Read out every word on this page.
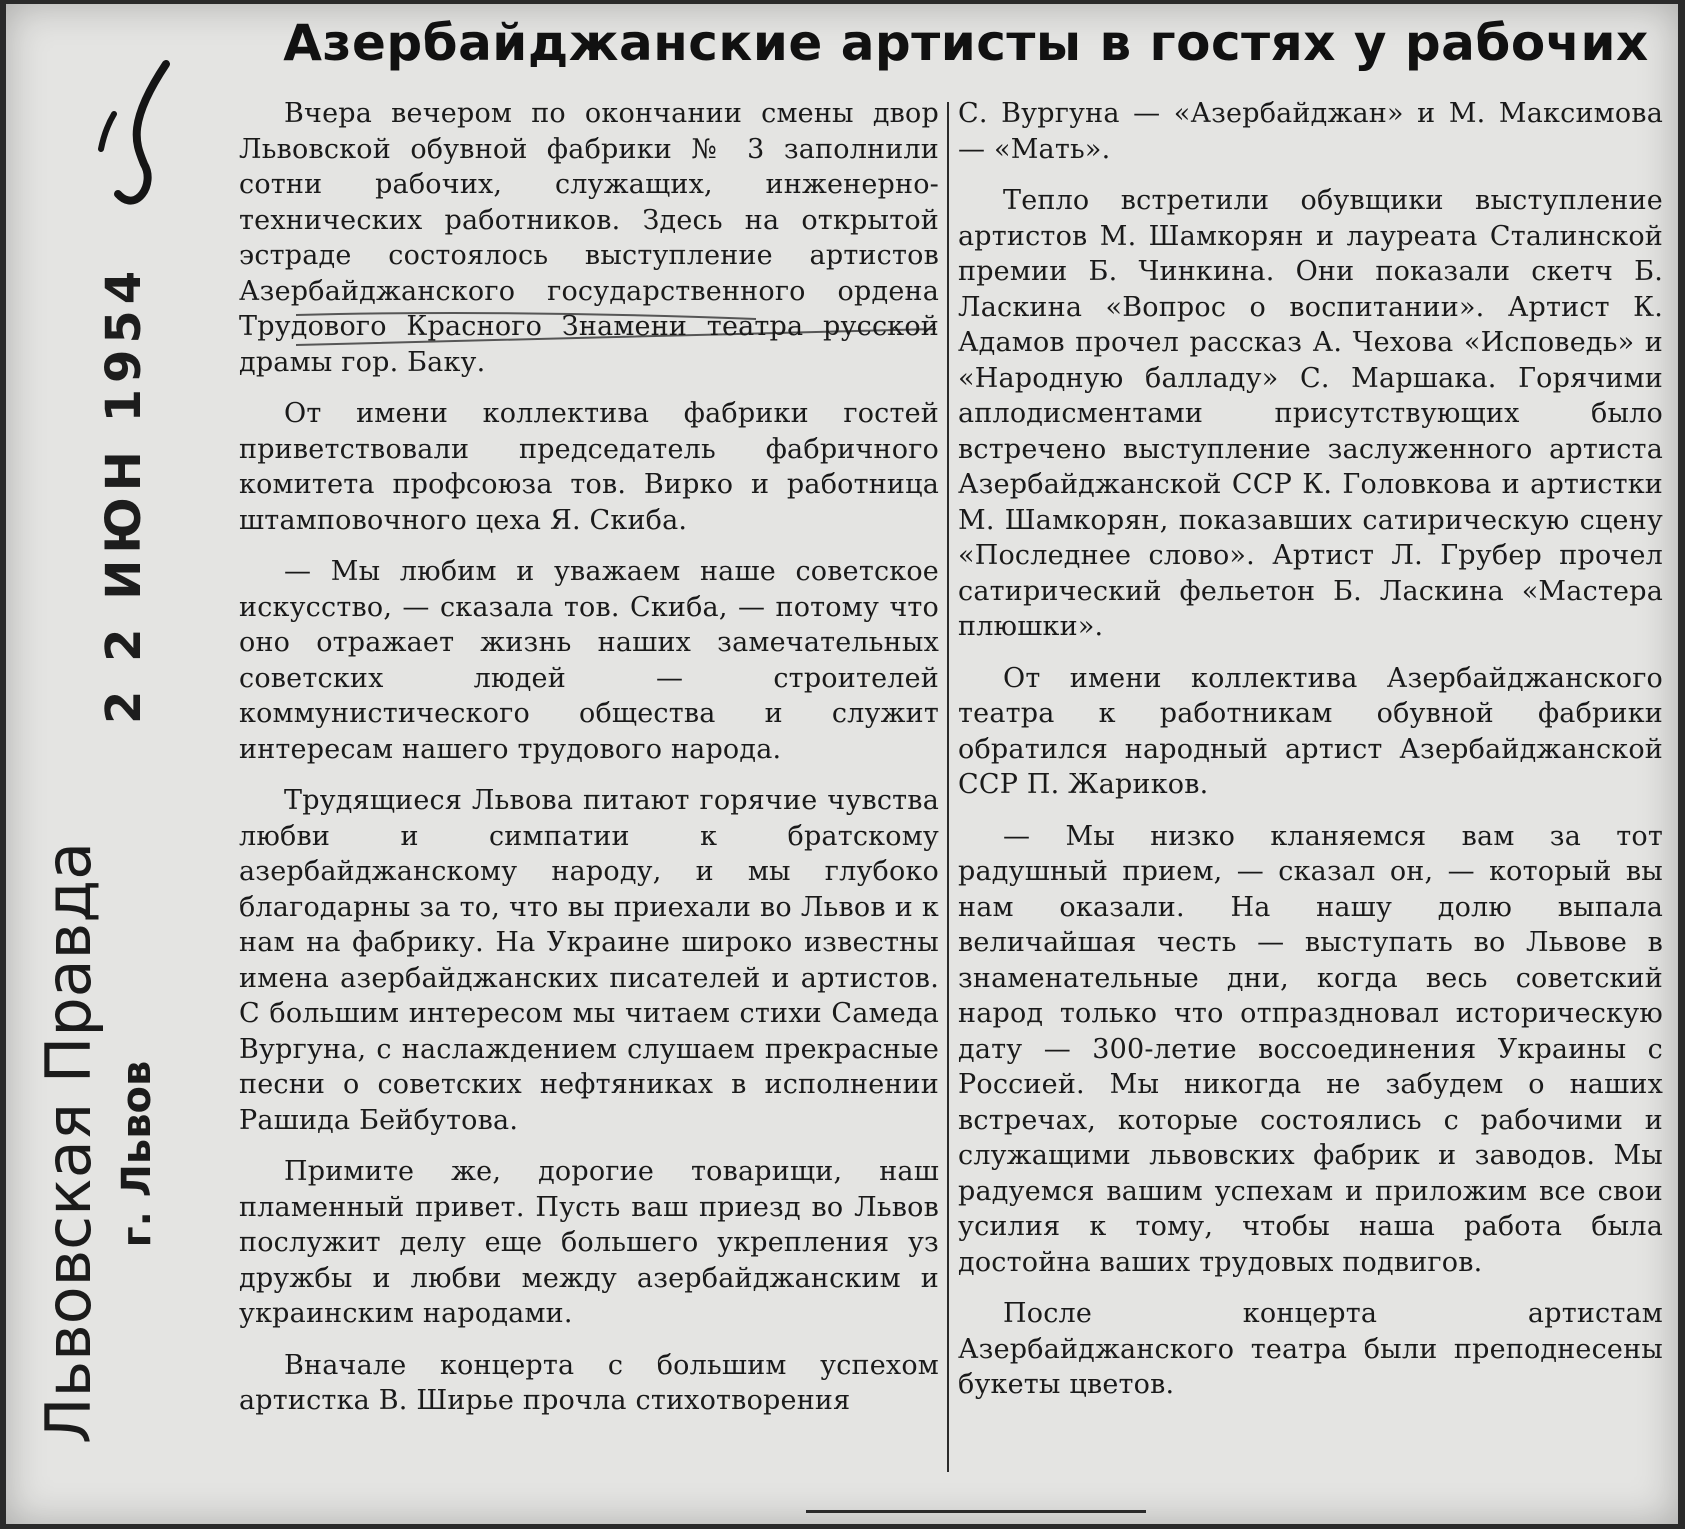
2 2 ИЮН 1954
Львовская Правда г. Львов
Азербайджанские артисты в гостях у рабочих

Вчера вечером по окончании смены двор Львовской обувной фабрики № 3 заполнили сотни рабочих, служащих, инженерно-технических работников. Здесь на открытой эстраде состоялось выступление артистов Азербайджанского государственного ордена Трудового Красного Знамени театра русской драмы гор. Баку.

От имени коллектива фабрики гостей приветствовали председатель фабричного комитета профсоюза тов. Вирко и работница штамповочного цеха Я. Скиба.

— Мы любим и уважаем наше советское искусство, — сказала тов. Скиба, — потому что оно отражает жизнь наших замечательных советских людей — строителей коммунистического общества и служит интересам нашего трудового народа.

Трудящиеся Львова питают горячие чувства любви и симпатии к братскому азербайджанскому народу, и мы глубоко благодарны за то, что вы приехали во Львов и к нам на фабрику. На Украине широко известны имена азербайджанских писателей и артистов. С большим интересом мы читаем стихи Самеда Вургуна, с наслаждением слушаем прекрасные песни о советских нефтяниках в исполнении Рашида Бейбутова.

Примите же, дорогие товарищи, наш пламенный привет. Пусть ваш приезд во Львов послужит делу еще большего укрепления уз дружбы и любви между азербайджанским и украинским народами.

Вначале концерта с большим успехом артистка В. Ширье прочла стихотворения

С. Вургуна — «Азербайджан» и М. Максимова — «Мать».

Тепло встретили обувщики выступление артистов М. Шамкорян и лауреата Сталинской премии Б. Чинкина. Они показали скетч Б. Ласкина «Вопрос о воспитании». Артист К. Адамов прочел рассказ А. Чехова «Исповедь» и «Народную балладу» С. Маршака. Горячими аплодисментами присутствующих было встречено выступление заслуженного артиста Азербайджанской ССР К. Головкова и артистки М. Шамкорян, показавших сатирическую сцену «Последнее слово». Артист Л. Грубер прочел сатирический фельетон Б. Ласкина «Мастера плюшки».

От имени коллектива Азербайджанского театра к работникам обувной фабрики обратился народный артист Азербайджанской ССР П. Жариков.

— Мы низко кланяемся вам за тот радушный прием, — сказал он, — который вы нам оказали. На нашу долю выпала величайшая честь — выступать во Львове в знаменательные дни, когда весь советский народ только что отпраздновал историческую дату — 300-летие воссоединения Украины с Россией. Мы никогда не забудем о наших встречах, которые состоялись с рабочими и служащими львовских фабрик и заводов. Мы радуемся вашим успехам и приложим все свои усилия к тому, чтобы наша работа была достойна ваших трудовых подвигов.

После концерта артистам Азербайджанского театра были преподнесены букеты цветов.
